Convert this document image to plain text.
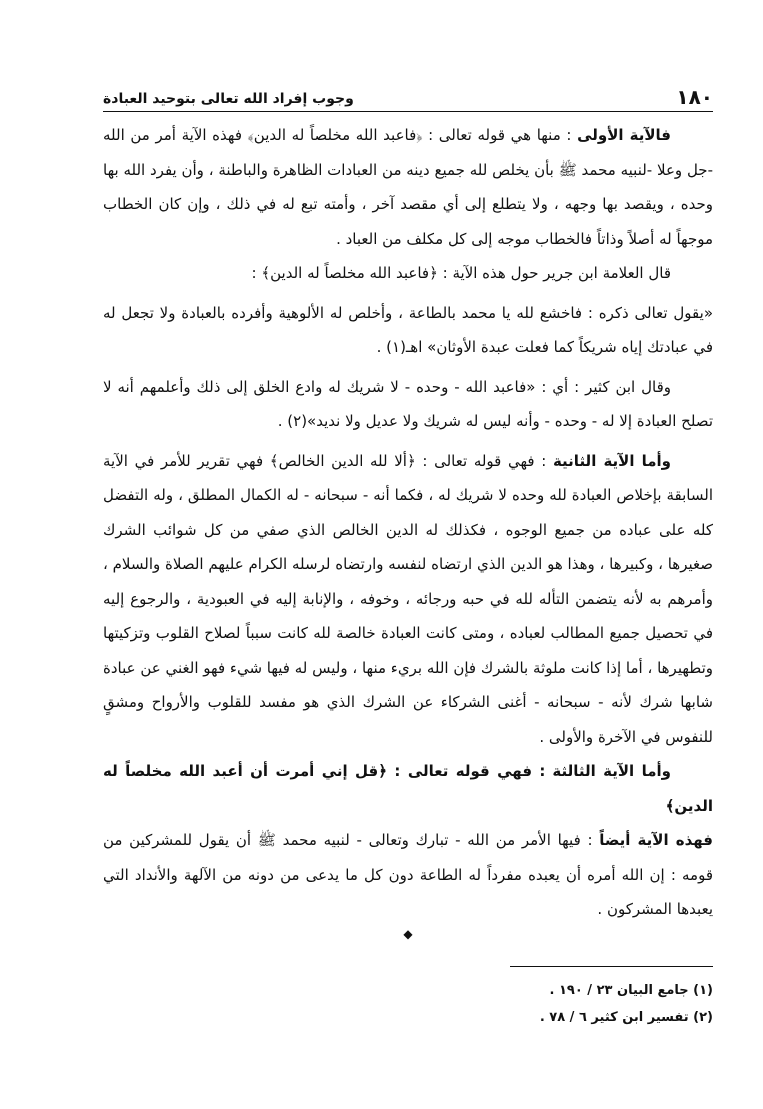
١٨٠
وجوب إفراد الله تعالى بتوحيد العبادة

فالآية الأولى : منها هي قوله تعالى : ﴿فاعبد الله مخلصاً له الدين﴾ فهذه الآية أمر من الله -جل وعلا -لنبيه محمد ﷺ بأن يخلص لله جميع دينه من العبادات الظاهرة والباطنة ، وأن يفرد الله بها وحده ، ويقصد بها وجهه ، ولا يتطلع إلى أي مقصد آخر ، وأمته تبع له في ذلك ، وإن كان الخطاب موجهاً له أصلاً وذاتاً فالخطاب موجه إلى كل مكلف من العباد .

قال العلامة ابن جرير حول هذه الآية : ﴿فاعبد الله مخلصاً له الدين﴾ :

«يقول تعالى ذكره : فاخشع لله يا محمد بالطاعة ، وأخلص له الألوهية وأفرده بالعبادة ولا تجعل له في عبادتك إياه شريكاً كما فعلت عبدة الأوثان» اهـ(١) .

وقال ابن كثير : أي : «فاعبد الله - وحده - لا شريك له وادع الخلق إلى ذلك وأعلمهم أنه لا تصلح العبادة إلا له - وحده - وأنه ليس له شريك ولا عديل ولا نديد»(٢) .

وأما الآية الثانية : فهي قوله تعالى : ﴿ألا لله الدين الخالص﴾ فهي تقرير للأمر في الآية السابقة بإخلاص العبادة لله وحده لا شريك له ، فكما أنه - سبحانه - له الكمال المطلق ، وله التفضل كله على عباده من جميع الوجوه ، فكذلك له الدين الخالص الذي صفي من كل شوائب الشرك صغيرها ، وكبيرها ، وهذا هو الدين الذي ارتضاه لنفسه وارتضاه لرسله الكرام عليهم الصلاة والسلام ، وأمرهم به لأنه يتضمن التأله لله في حبه ورجائه ، وخوفه ، والإنابة إليه في العبودية ، والرجوع إليه في تحصيل جميع المطالب لعباده ، ومتى كانت العبادة خالصة لله كانت سبباً لصلاح القلوب وتزكيتها وتطهيرها ، أما إذا كانت ملوثة بالشرك فإن الله بريء منها ، وليس له فيها شيء فهو الغني عن عبادة شابها شرك لأنه - سبحانه - أغنى الشركاء عن الشرك الذي هو مفسد للقلوب والأرواح ومشقٍ للنفوس في الآخرة والأولى .

وأما الآية الثالثة : فهي قوله تعالى : ﴿قل إني أمرت أن أعبد الله مخلصاً له الدين﴾

فهذه الآية أيضاً : فيها الأمر من الله - تبارك وتعالى - لنبيه محمد ﷺ أن يقول للمشركين من قومه : إن الله أمره أن يعبده مفرداً له الطاعة دون كل ما يدعى من دونه من الآلهة والأنداد التي يعبدها المشركون .

◆

(١) جامع البيان ٢٣ / ١٩٠ .

(٢) تفسير ابن كثير ٦ / ٧٨ .
